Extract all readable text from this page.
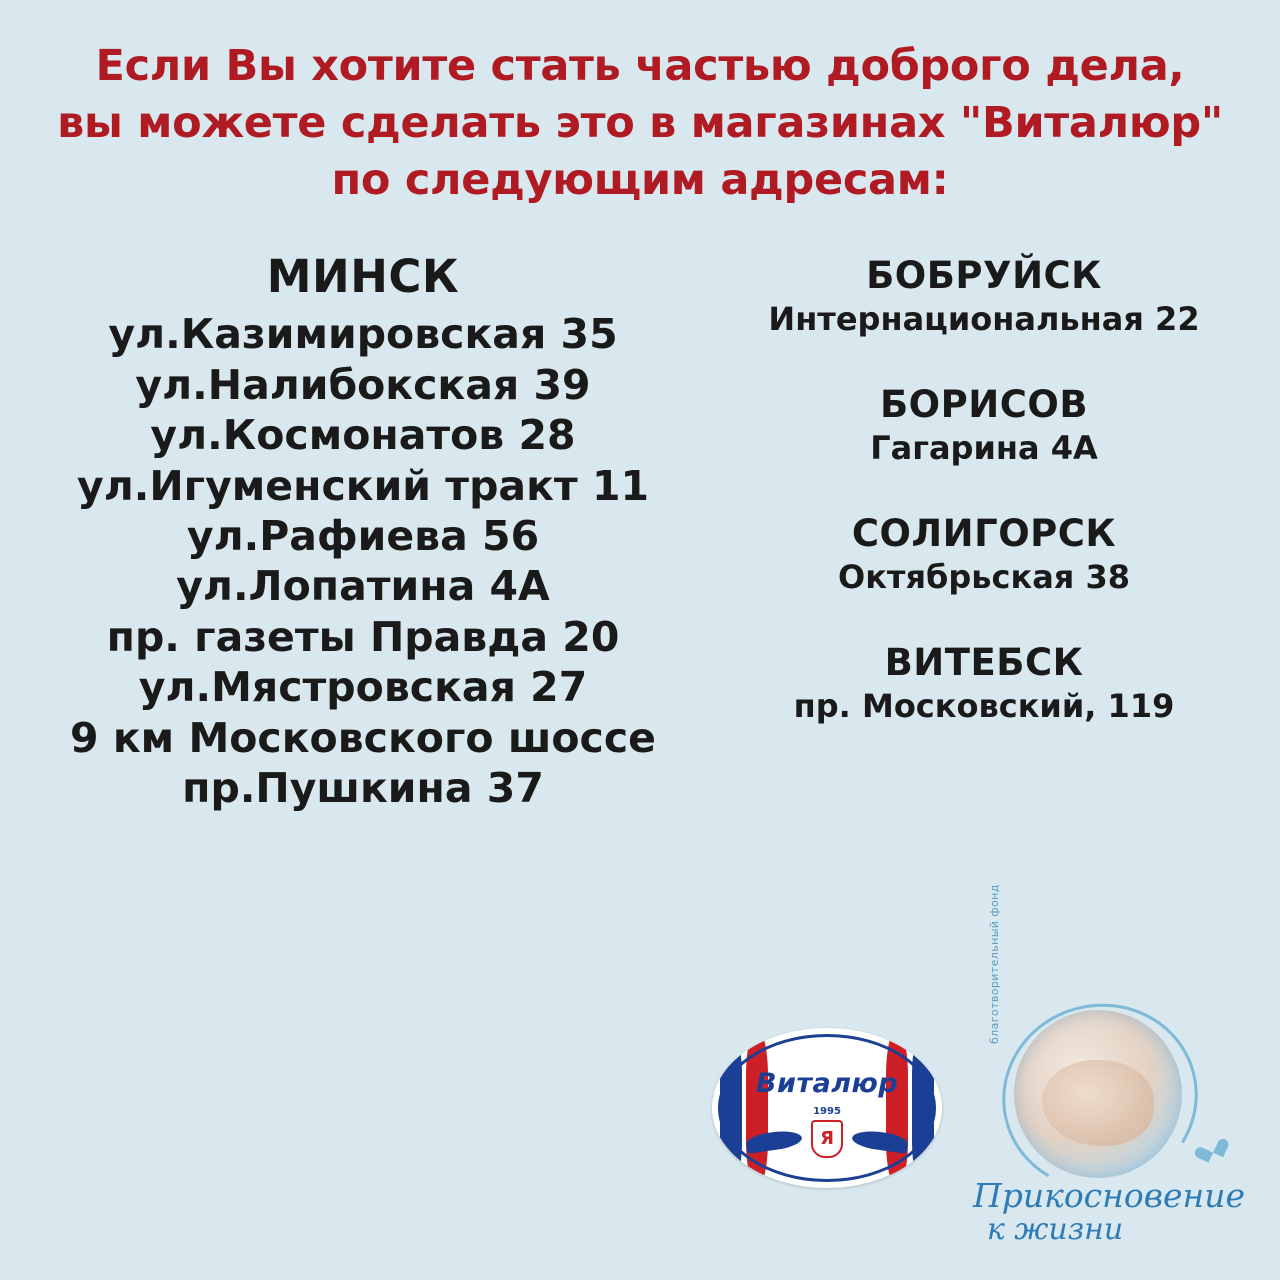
Если Вы хотите стать частью доброго дела,
вы можете сделать это в магазинах "Виталюр"
по следующим адресам:
МИНСК
ул.Казимировская 35
ул.Налибокская 39
ул.Космонатов 28
ул.Игуменский тракт 11
ул.Рафиева 56
ул.Лопатина 4А
пр. газеты Правда 20
ул.Мястровская 27
9 км Московского шоссе
пр.Пушкина 37
БОБРУЙСК
Интернациональная 22
БОРИСОВ
Гагарина 4А
СОЛИГОРСК
Октябрьская 38
ВИТЕБСК
пр. Московский, 119
Виталюр
1995
Я
благотворительный фонд
Прикосновение
к жизни
